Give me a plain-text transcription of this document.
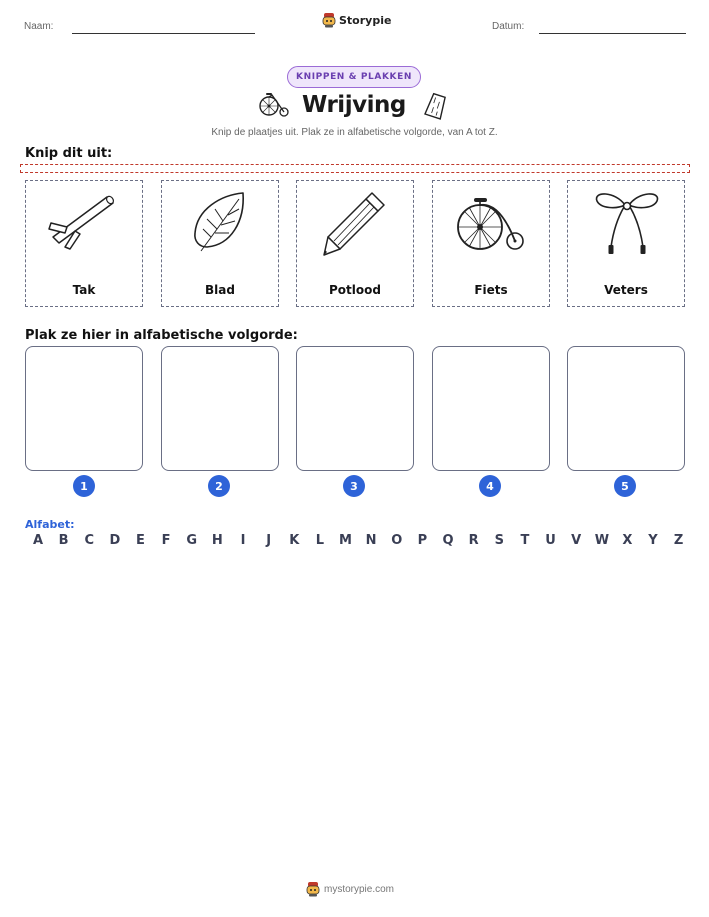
Naam:	Storypie	Datum:
KNIPPEN & PLAKKEN
Wrijving
Knip de plaatjes uit. Plak ze in alfabetische volgorde, van A tot Z.
Knip dit uit:
Tak	Blad	Potlood	Fiets	Veters
Plak ze hier in alfabetische volgorde:
1	2	3	4	5
Alfabet:
A B C D E F G H	I	J	K L M N O P Q R S T U V W X Y Z
mystorypie.com
